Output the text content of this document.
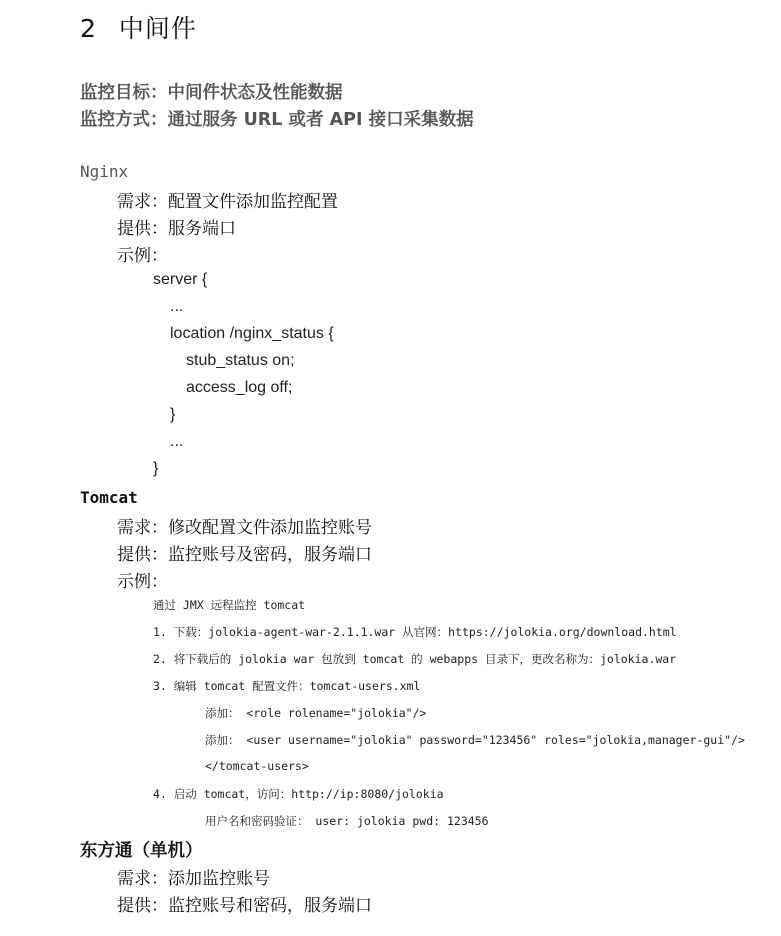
2 中间件
监控目标：中间件状态及性能数据
监控方式：通过服务 URL 或者 API 接口采集数据
Nginx
需求：配置文件添加监控配置
提供：服务端口
示例：
server {
...
location /nginx_status {
stub_status on;
access_log off;
}
...
}
Tomcat
需求：修改配置文件添加监控账号
提供：监控账号及密码，服务端口
示例：
通过 JMX 远程监控 tomcat
1. 下载：jolokia-agent-war-2.1.1.war 从官网：https://jolokia.org/download.html
2. 将下载后的 jolokia war 包放到 tomcat 的 webapps 目录下，更改名称为：jolokia.war
3. 编辑 tomcat 配置文件：tomcat-users.xml
添加： <role rolename="jolokia"/>
添加： <user username="jolokia" password="123456" roles="jolokia,manager-gui"/>
</tomcat-users>
4. 启动 tomcat，访问：http://ip:8080/jolokia
用户名和密码验证： user: jolokia pwd: 123456
东方通（单机）
需求：添加监控账号
提供：监控账号和密码，服务端口
